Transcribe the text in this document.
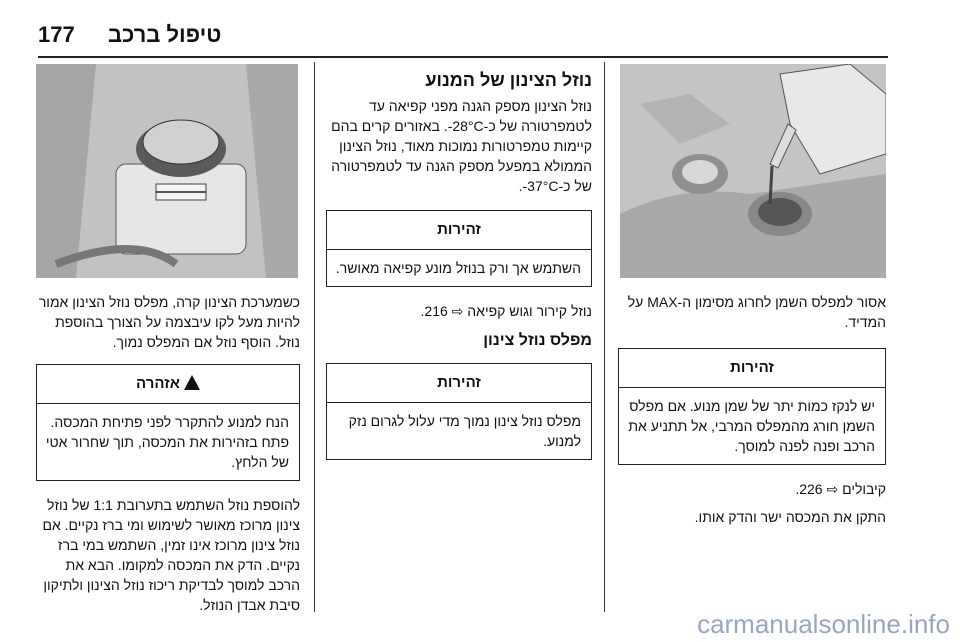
177 טיפול ברכב

אסור למפלס השמן לחרוג מסימון ה-MAX על המדיד.

זהירות
יש לנקז כמות יתר של שמן מנוע. אם מפלס השמן חורג מהמפלס המרבי, אל תתניע את הרכב ופנה לפנה למוסך.

קיבולים ⇨ 226.

התקן את המכסה ישר והדק אותו.

נוזל הצינון של המנוע

נוזל הצינון מספק הגנה מפני קפיאה עד לטמפרטורה של כ-28°C-. באזורים קרים בהם קיימות טמפרטורות נמוכות מאוד, נוזל הצינון הממולא במפעל מספק הגנה עד לטמפרטורה של כ-37°C-.

זהירות
השתמש אך ורק בנוזל מונע קפיאה מאושר.

נוזל קירור וגוש קפיאה ⇨ 216.

מפלס נוזל צינון

זהירות
מפלס נוזל צינון נמוך מדי עלול לגרום נזק למנוע.

כשמערכת הצינון קרה, מפלס נוזל הצינון אמור להיות מעל לקו עיבצמה על הצורך בהוספת נוזל. הוסף נוזל אם המפלס נמוך.

אזהרה
הנח למנוע להתקרר לפני פתיחת המכסה. פתח בזהירות את המכסה, תוך שחרור אטי של הלחץ.

להוספת נוזל השתמש בתערובת 1:1 של נוזל צינון מרוכז מאושר לשימוש ומי ברז נקיים. אם נוזל צינון מרוכז אינו זמין, השתמש במי ברז נקיים. הדק את המכסה למקומו. הבא את הרכב למוסך לבדיקת ריכוז נוזל הצינון ולתיקון סיבת אבדן הנוזל.

carmanualsonline.info
